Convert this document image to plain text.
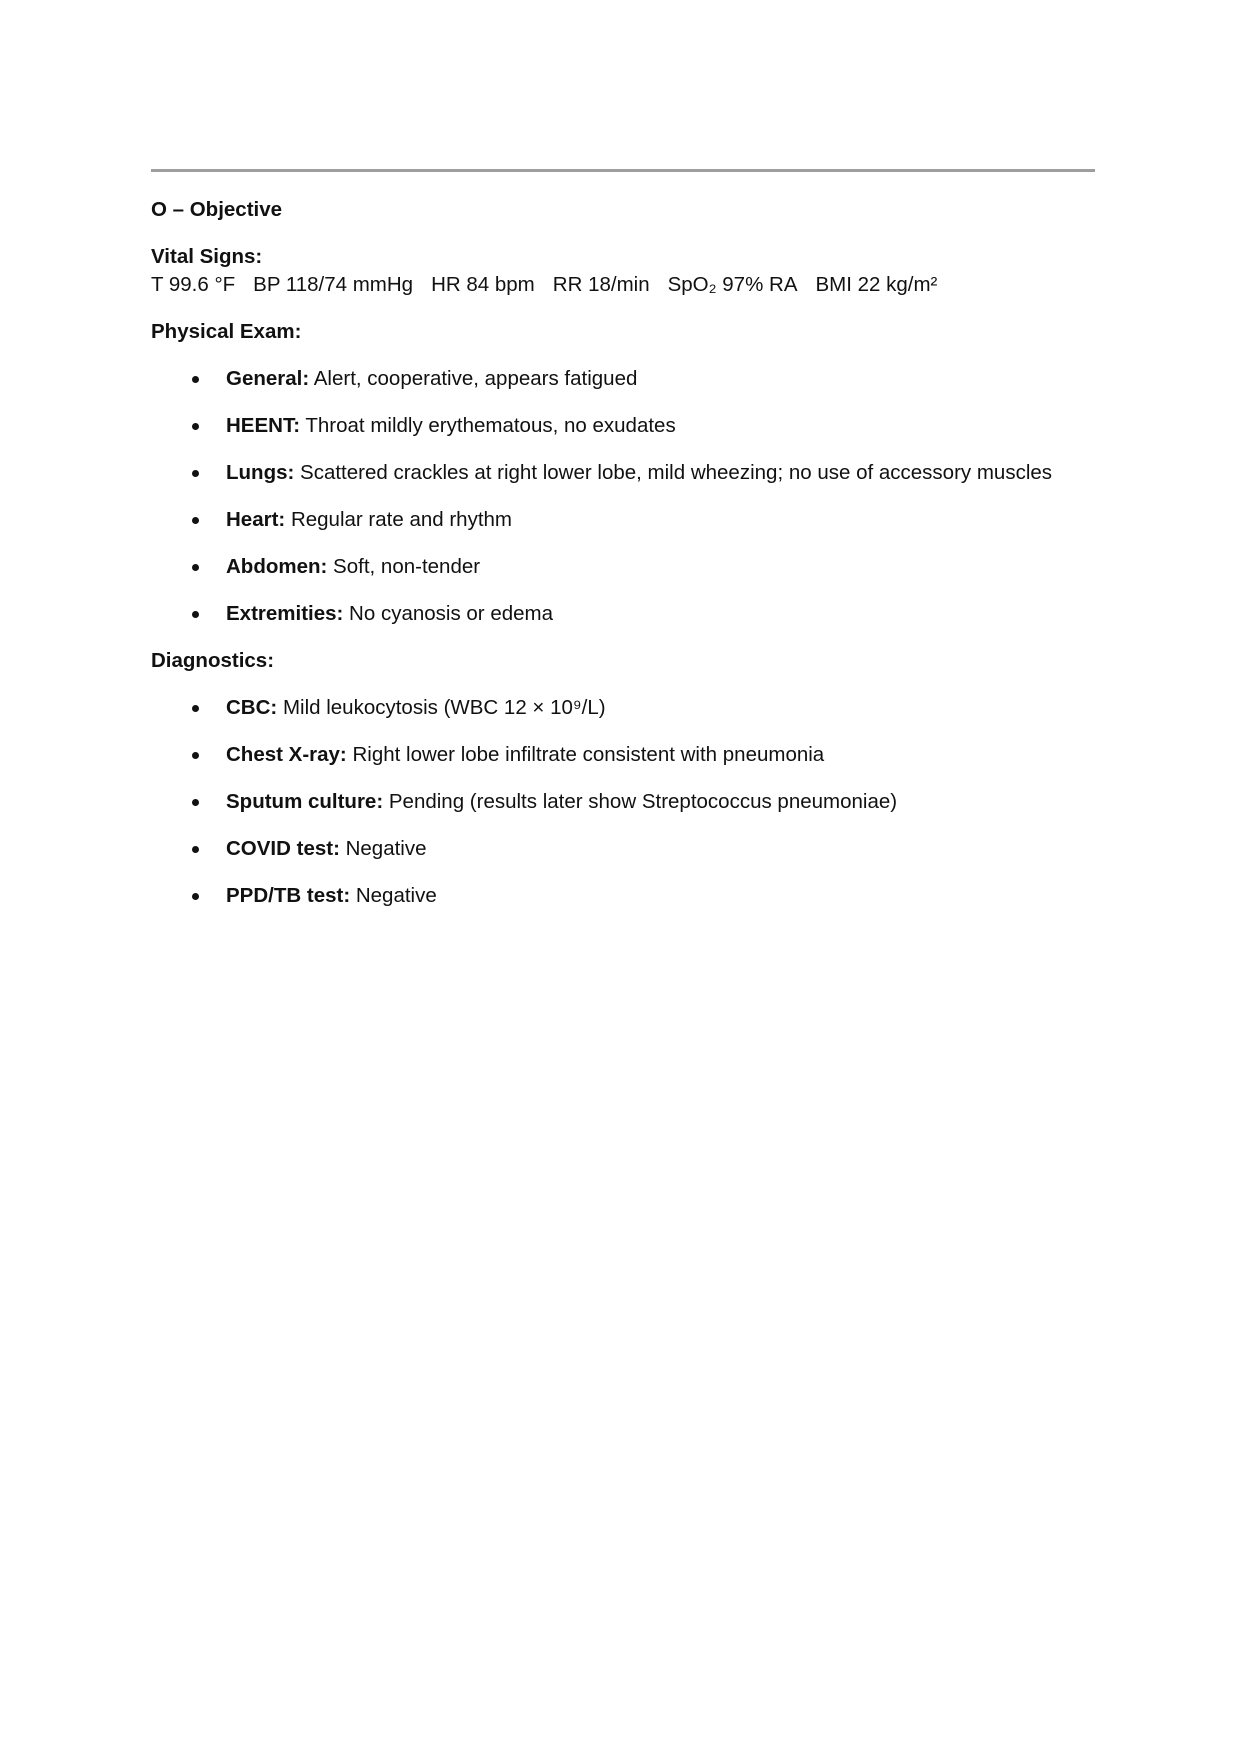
O – Objective

Vital Signs:

T 99.6 °F BP 118/74 mmHg HR 84 bpm RR 18/min SpO₂ 97% RA BMI 22 kg/m²

Physical Exam:

General: Alert, cooperative, appears fatigued
HEENT: Throat mildly erythematous, no exudates
Lungs: Scattered crackles at right lower lobe, mild wheezing; no use of accessory muscles
Heart: Regular rate and rhythm
Abdomen: Soft, non-tender
Extremities: No cyanosis or edema

Diagnostics:

CBC: Mild leukocytosis (WBC 12 × 10⁹/L)
Chest X-ray: Right lower lobe infiltrate consistent with pneumonia
Sputum culture: Pending (results later show Streptococcus pneumoniae)
COVID test: Negative
PPD/TB test: Negative
